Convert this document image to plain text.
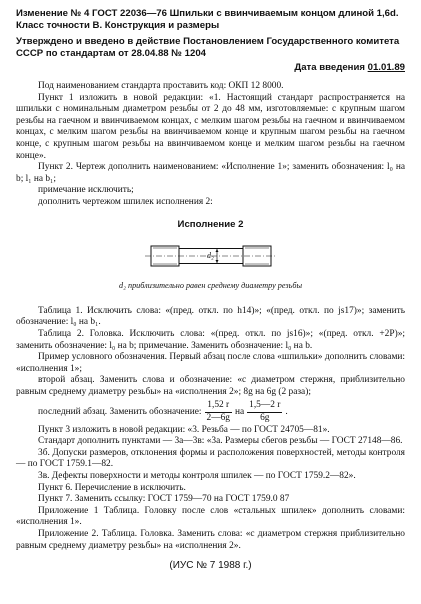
Изменение № 4 ГОСТ 22036—76 Шпильки с ввинчиваемым концом длиной 1,6d.
Класс точности В. Конструкция и размеры
Утверждено и введено в действие Постановлением Государственного комитета
СССР по стандартам от 28.04.88 № 1204
Дата введения 01.01.89

Под наименованием стандарта проставить код: ОКП 12 8000.

Пункт 1 изложить в новой редакции: «1. Настоящий стандарт распространяется на шпильки с номинальным диаметром резьбы от 2 до 48 мм, изготовляемые: с крупным шагом резьбы на гаечном и ввинчиваемом концах, с мелким шагом резьбы на гаечном и ввинчиваемом концах, с мелким шагом резьбы на ввинчиваемом конце и крупным шагом резьбы на гаечном конце, с крупным шагом резьбы на ввинчиваемом конце и мелким шагом резьбы на гаечном конце».

Пункт 2. Чертеж дополнить наименованием: «Исполнение 1»; заменить обозначения: l₀ на b; l₁ на b₁;

примечание исключить;

дополнить чертежом шпилек исполнения 2:

Исполнение 2
d₂
d₂ приблизительно равен среднему диаметру резьбы

Таблица 1. Исключить слова: «(пред. откл. по h14)»; «(пред. откл. по js17)»; заменить обозначение: l₀ на b₁.

Таблица 2. Головка. Исключить слова: «(пред. откл. по js16)»; «(пред. откл. +2P)»; заменить обозначение: l₀ на b; примечание. Заменить обозначение: l₀ на b.

Пример условного обозначения. Первый абзац после слова «шпильки» дополнить словами: «исполнения 1»;

второй абзац. Заменить слова и обозначение: «с диаметром стержня, приблизительно равным среднему диаметру резьбы» на «исполнения 2»; 8g на 6g (2 раза);

последний абзац. Заменить обозначение: $\frac{1,52 r}{2—6g}$ на $\frac{1,5—2 r}{6g}$ .

Пункт 3 изложить в новой редакции: «3. Резьба — по ГОСТ 24705—81».

Стандарт дополнить пунктами — 3а—3в: «3а. Размеры сбегов резьбы — ГОСТ 27148—86.

3б. Допуски размеров, отклонения формы и расположения поверхностей, методы контроля — по ГОСТ 1759.1—82.

3в. Дефекты поверхности и методы контроля шпилек — по ГОСТ 1759.2—82».

Пункт 6. Перечисление в исключить.

Пункт 7. Заменить ссылку: ГОСТ 1759—70 на ГОСТ 1759.0 87

Приложение 1 Таблица. Головку после слов «стальных шпилек» дополнить словами: «исполнения 1».

Приложение 2. Таблица. Головка. Заменить слова: «с диаметром стержня приблизительно равным среднему диаметру резьбы» на «исполнения 2».

(ИУС № 7 1988 г.)
